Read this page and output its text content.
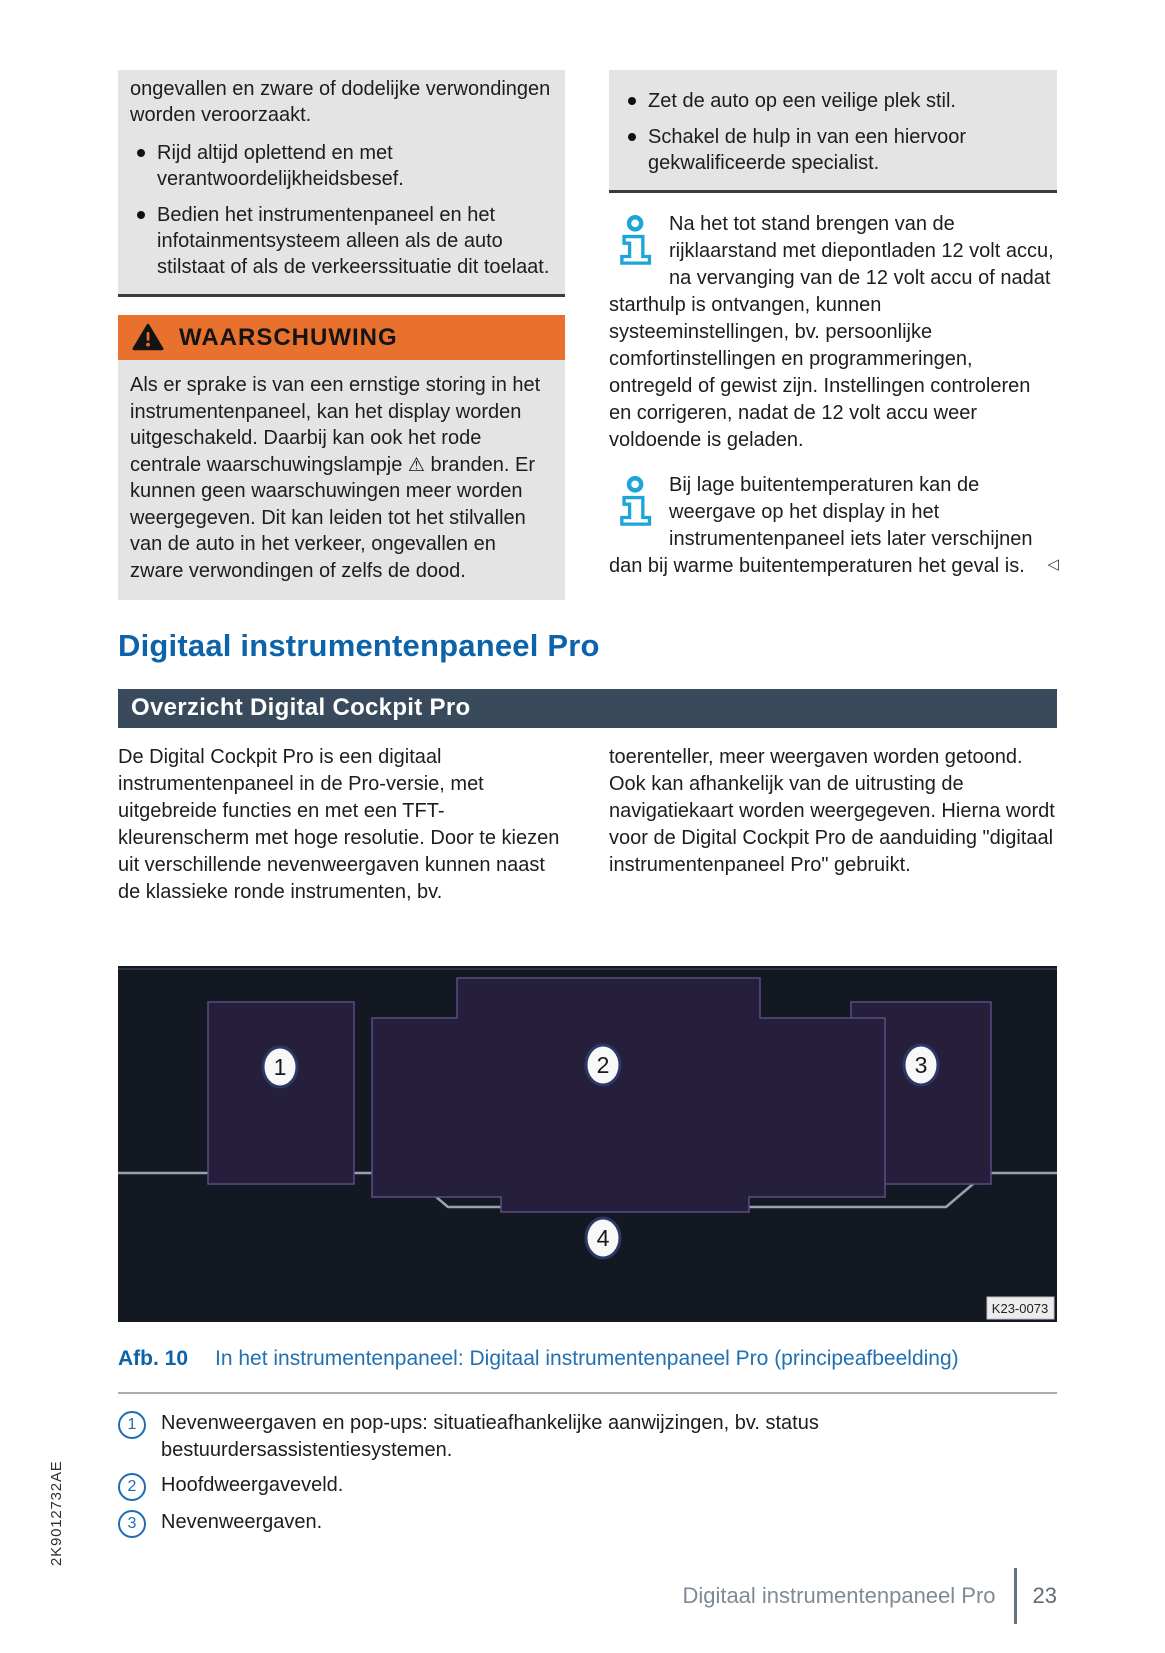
ongevallen en zware of dodelijke verwondingen worden veroorzaakt.

Rijd altijd oplettend en met verantwoordelijkheidsbesef.
Bedien het instrumentenpaneel en het infotainmentsysteem alleen als de auto stilstaat of als de verkeerssituatie dit toelaat.
WAARSCHUWING
Als er sprake is van een ernstige storing in het instrumentenpaneel, kan het display worden uitgeschakeld. Daarbij kan ook het rode centrale waarschuwingslampje ⚠ branden. Er kunnen geen waarschuwingen meer worden weergegeven. Dit kan leiden tot het stilvallen van de auto in het verkeer, ongevallen en zware verwondingen of zelfs de dood.
Zet de auto op een veilige plek stil.
Schakel de hulp in van een hiervoor gekwalificeerde specialist.

Na het tot stand brengen van de rijklaarstand met diepontladen 12 volt accu, na vervanging van de 12 volt accu of nadat starthulp is ontvangen, kunnen systeeminstellingen, bv. persoonlijke comfortinstellingen en programmeringen, ontregeld of gewist zijn. Instellingen controleren en corrigeren, nadat de 12 volt accu weer voldoende is geladen.

Bij lage buitentemperaturen kan de weergave op het display in het instrumentenpaneel iets later verschijnen dan bij warme buitentemperaturen het geval is.	◁
Digitaal instrumentenpaneel Pro
Overzicht Digital Cockpit Pro

De Digital Cockpit Pro is een digitaal instrumentenpaneel in de Pro-versie, met uitgebreide functies en met een TFT-kleurenscherm met hoge resolutie. Door te kiezen uit verschillende nevenweergaven kunnen naast de klassieke ronde instrumenten, bv.

toerenteller, meer weergaven worden getoond. Ook kan afhankelijk van de uitrusting de navigatiekaart worden weergegeven. Hierna wordt voor de Digital Cockpit Pro de aanduiding "digitaal instrumentenpaneel Pro" gebruikt.

1	2	3
4
K23-0073
Afb. 10 In het instrumentenpaneel: Digitaal instrumentenpaneel Pro (principeafbeelding)
1	Nevenweergaven en pop-ups: situatieafhankelijke aanwijzingen, bv. status bestuurdersassistentiesystemen.

2	Hoofdweergaveveld.

3	Nevenweergaven.

Digitaal instrumentenpaneel Pro	23
2K9012732AE
